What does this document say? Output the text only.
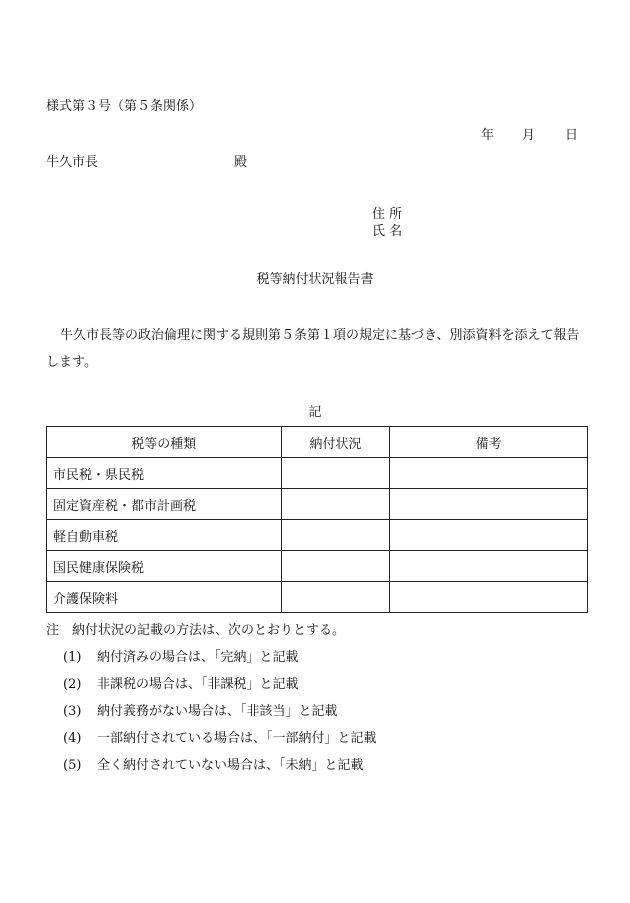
様式第３号（第５条関係）
年 月 日
牛久市長	殿
住 所
氏 名
税等納付状況報告書
牛久市長等の政治倫理に関する規則第５条第１項の規定に基づき、別添資料を添えて報告します。
記
税等の種類	納付状況	備考
市民税・県民税		
固定資産税・都市計画税		
軽自動車税		
国民健康保険税		
介護保険料		
注　納付状況の記載の方法は、次のとおりとする。
(1) 納付済みの場合は、「完納」と記載
(2) 非課税の場合は、「非課税」と記載
(3) 納付義務がない場合は、「非該当」と記載
(4) 一部納付されている場合は、「一部納付」と記載
(5) 全く納付されていない場合は、「未納」と記載
